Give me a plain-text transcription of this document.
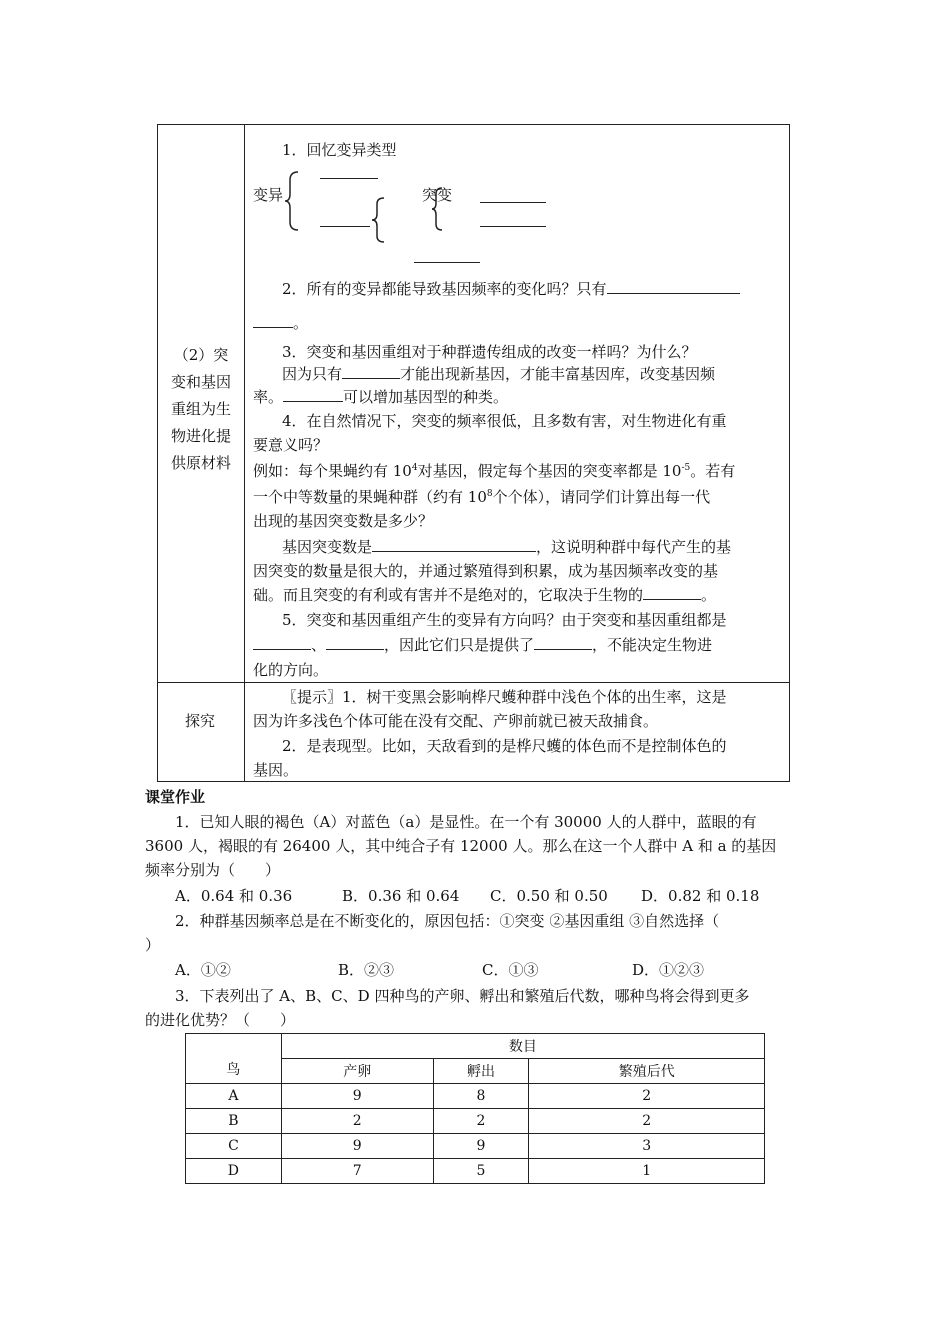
（2）突
变和基因
重组为生
物进化提
供原材料
1．回忆变异类型
变异	突变
2．所有的变异都能导致基因频率的变化吗？只有
。
3．突变和基因重组对于种群遗传组成的改变一样吗？为什么？
因为只有	才能出现新基因，才能丰富基因库，改变基因频
率。	可以增加基因型的种类。
4．在自然情况下，突变的频率很低，且多数有害，对生物进化有重
要意义吗？
例如：每个果蝇约有 $10^4$对基因，假定每个基因的突变率都是 $10^{-5}$。若有
一个中等数量的果蝇种群（约有 $10^8$个个体），请同学们计算出每一代
出现的基因突变数是多少？
基因突变数是	，这说明种群中每代产生的基
因突变的数量是很大的，并通过繁殖得到积累，成为基因频率改变的基
础。而且突变的有利或有害并不是绝对的，它取决于生物的	。
5．突变和基因重组产生的变异有方向吗？由于突变和基因重组都是
、	，因此它们只是提供了	，不能决定生物进
化的方向。
探究
〖提示〗1．树干变黑会影响桦尺蠖种群中浅色个体的出生率，这是
因为许多浅色个体可能在没有交配、产卵前就已被天敌捕食。
2．是表现型。比如，天敌看到的是桦尺蠖的体色而不是控制体色的
基因。
课堂作业
1．已知人眼的褐色（A）对蓝色（a）是显性。在一个有 30000 人的人群中，蓝眼的有
3600 人，褐眼的有 26400 人，其中纯合子有 12000 人。那么在这一个人群中 A 和 a 的基因
频率分别为（　　）
A．0.64 和 0.36	B．0.36 和 0.64 C．0.50 和 0.50 D．0.82 和 0.18
2．种群基因频率总是在不断变化的，原因包括：①突变 ②基因重组 ③自然选择（
）
A．①②	B．②③	C．①③	D．①②③
3．下表列出了 A、B、C、D 四种鸟的产卵、孵出和繁殖后代数，哪种鸟将会得到更多
的进化优势？（　　）
鸟	数目		
	产卵	孵出	繁殖后代
A	9	8	2
B	2	2	2
C	9	9	3
D	7	5	1
